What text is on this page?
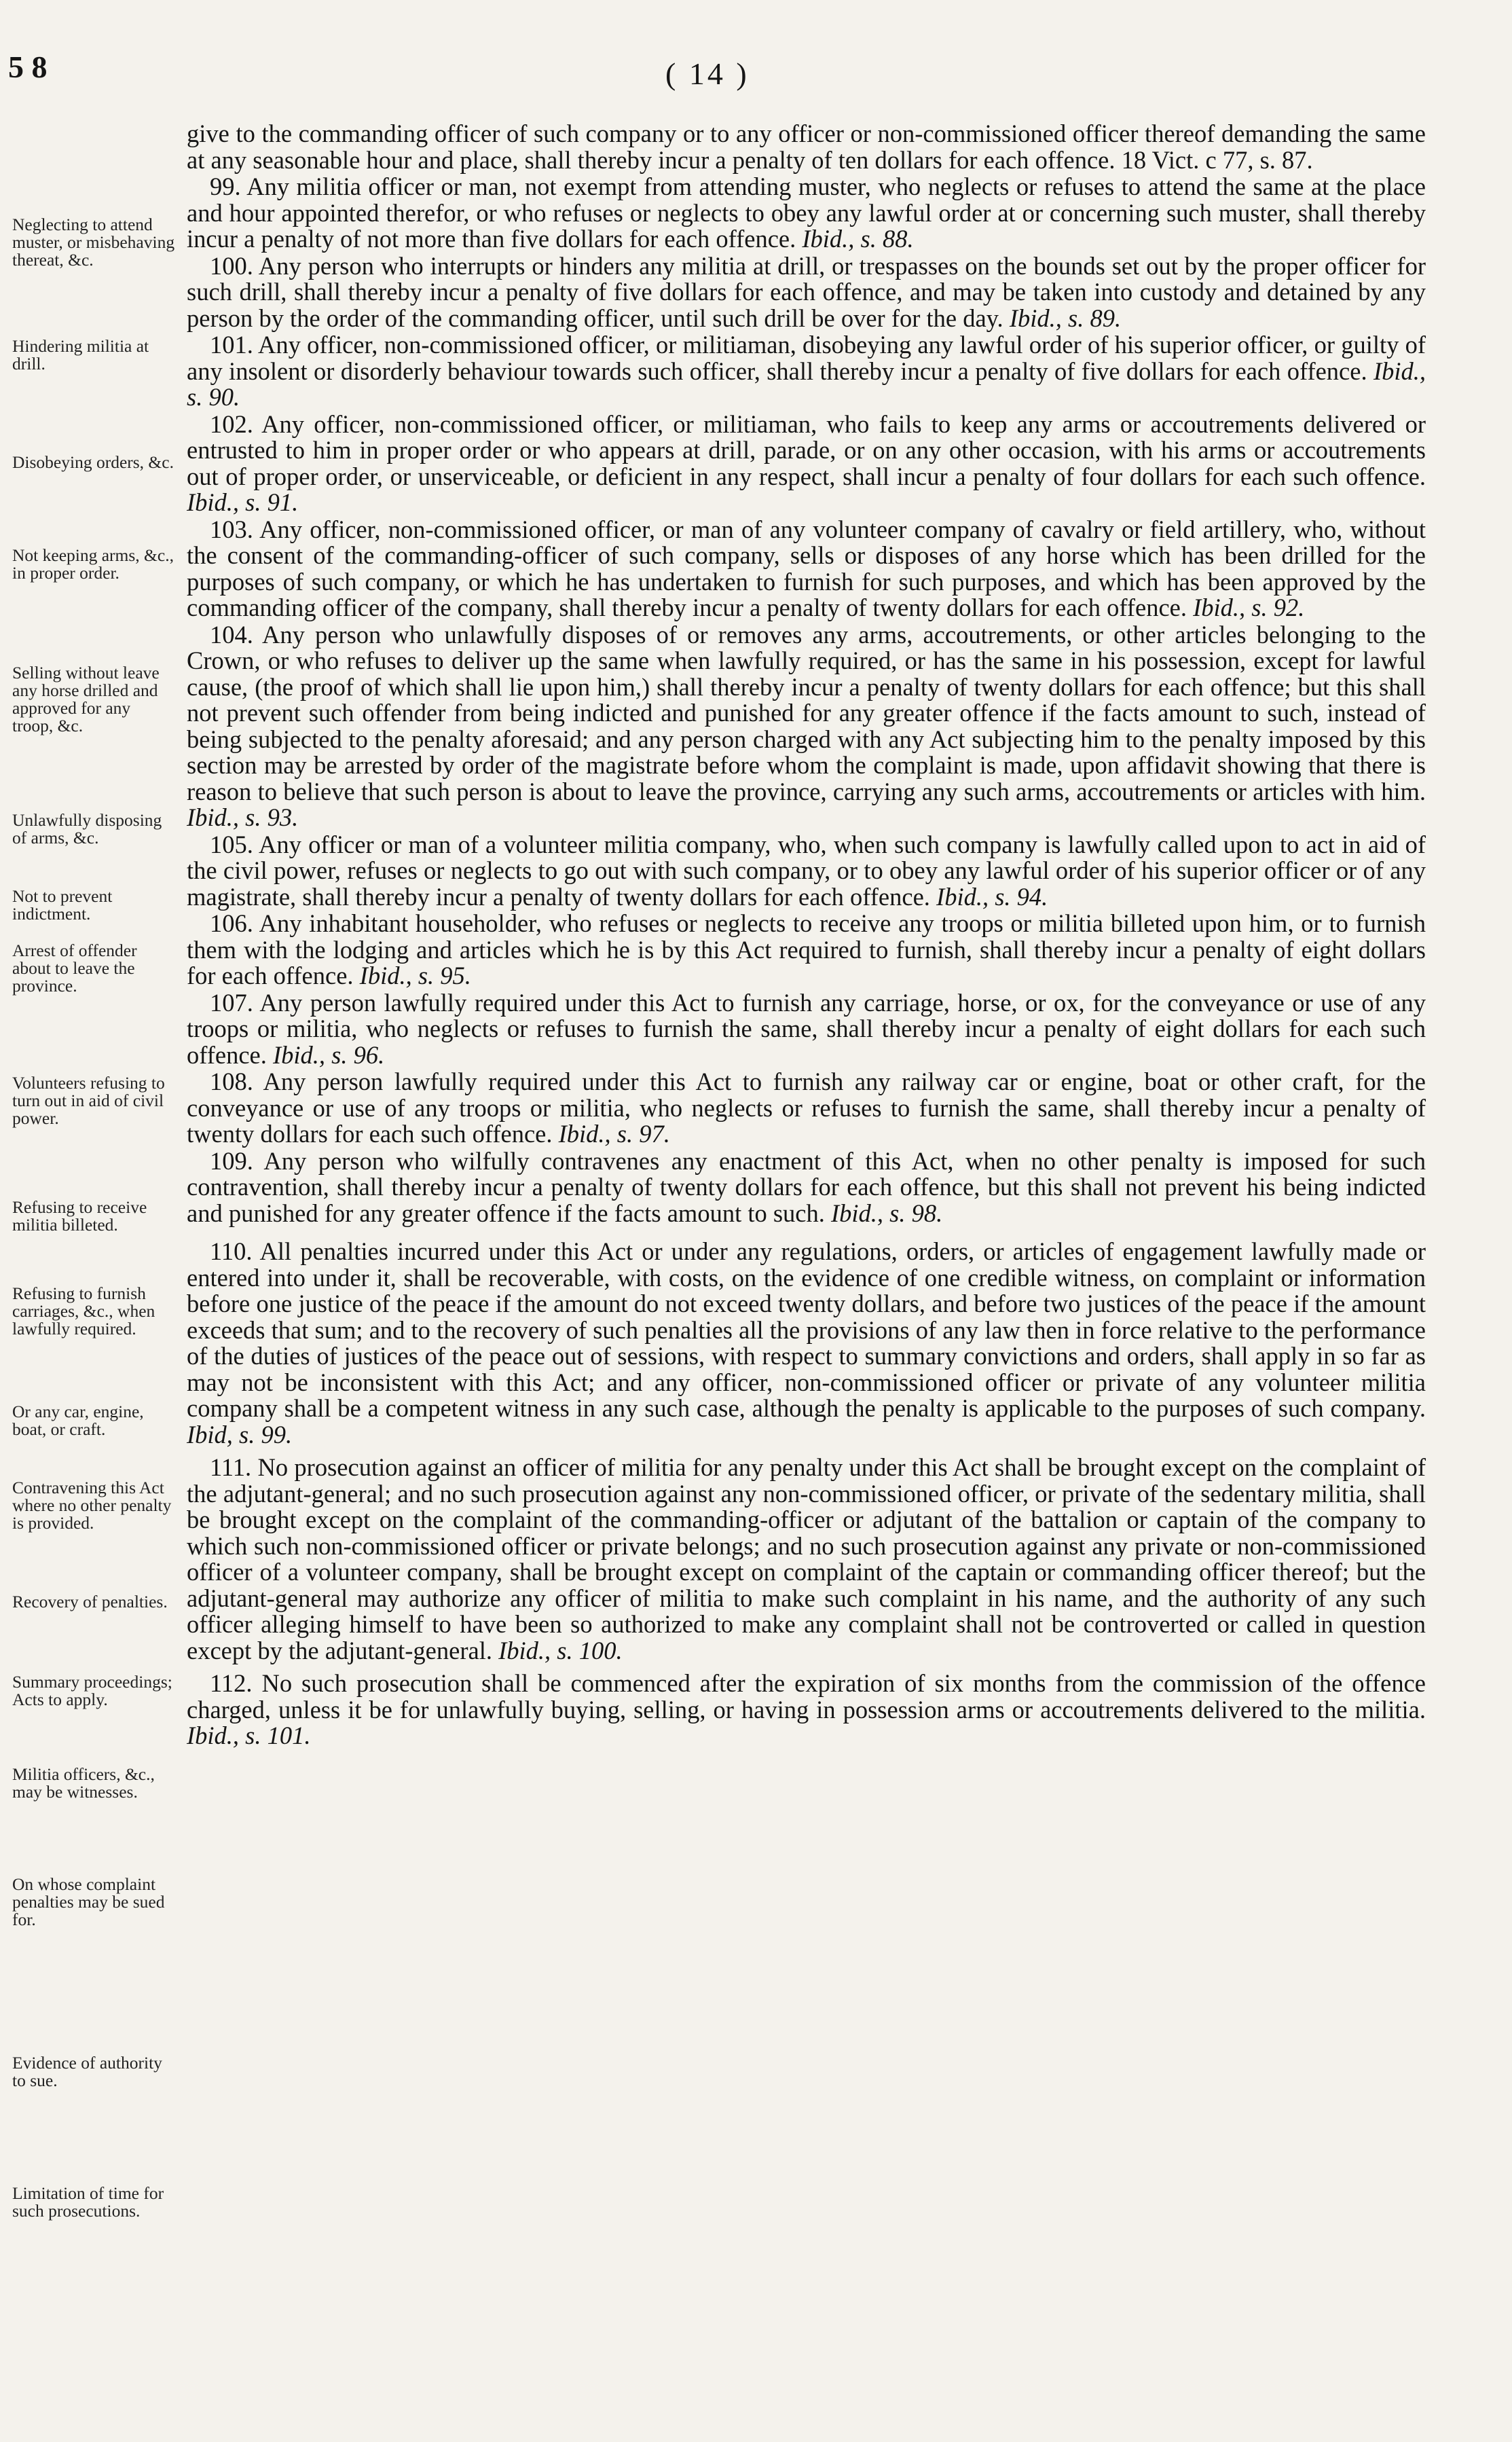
5 8	( 14 )

give to the commanding officer of such company or to any officer or non-commissioned officer thereof demanding the same at any seasonable hour and place, shall thereby incur a penalty of ten dollars for each offence. 18 Vict. c 77, s. 87.

99. Any militia officer or man, not exempt from attending muster, who neglects or refuses to attend the same at the place and hour appointed therefor, or who refuses or neglects to obey any lawful order at or concerning such muster, shall thereby incur a penalty of not more than five dollars for each offence. Ibid., s. 88.

100. Any person who interrupts or hinders any militia at drill, or trespasses on the bounds set out by the proper officer for such drill, shall thereby incur a penalty of five dollars for each offence, and may be taken into custody and detained by any person by the order of the commanding officer, until such drill be over for the day. Ibid., s. 89.

101. Any officer, non-commissioned officer, or militiaman, disobeying any lawful order of his superior officer, or guilty of any insolent or disorderly behaviour towards such officer, shall thereby incur a penalty of five dollars for each offence. Ibid., s. 90.

102. Any officer, non-commissioned officer, or militiaman, who fails to keep any arms or accoutrements delivered or entrusted to him in proper order or who appears at drill, parade, or on any other occasion, with his arms or accoutrements out of proper order, or unserviceable, or deficient in any respect, shall incur a penalty of four dollars for each such offence. Ibid., s. 91.

103. Any officer, non-commissioned officer, or man of any volunteer company of cavalry or field artillery, who, without the consent of the commanding-officer of such company, sells or disposes of any horse which has been drilled for the purposes of such company, or which he has undertaken to furnish for such purposes, and which has been approved by the commanding officer of the company, shall thereby incur a penalty of twenty dollars for each offence. Ibid., s. 92.

104. Any person who unlawfully disposes of or removes any arms, accoutrements, or other articles belonging to the Crown, or who refuses to deliver up the same when lawfully required, or has the same in his possession, except for lawful cause, (the proof of which shall lie upon him,) shall thereby incur a penalty of twenty dollars for each offence; but this shall not prevent such offender from being indicted and punished for any greater offence if the facts amount to such, instead of being subjected to the penalty aforesaid; and any person charged with any Act subjecting him to the penalty imposed by this section may be arrested by order of the magistrate before whom the complaint is made, upon affidavit showing that there is reason to believe that such person is about to leave the province, carrying any such arms, accoutrements or articles with him. Ibid., s. 93.

105. Any officer or man of a volunteer militia company, who, when such company is lawfully called upon to act in aid of the civil power, refuses or neglects to go out with such company, or to obey any lawful order of his superior officer or of any magistrate, shall thereby incur a penalty of twenty dollars for each offence. Ibid., s. 94.

106. Any inhabitant householder, who refuses or neglects to receive any troops or militia billeted upon him, or to furnish them with the lodging and articles which he is by this Act required to furnish, shall thereby incur a penalty of eight dollars for each offence. Ibid., s. 95.

107. Any person lawfully required under this Act to furnish any carriage, horse, or ox, for the conveyance or use of any troops or militia, who neglects or refuses to furnish the same, shall thereby incur a penalty of eight dollars for each such offence. Ibid., s. 96.

108. Any person lawfully required under this Act to furnish any railway car or engine, boat or other craft, for the conveyance or use of any troops or militia, who neglects or refuses to furnish the same, shall thereby incur a penalty of twenty dollars for each such offence. Ibid., s. 97.

109. Any person who wilfully contravenes any enactment of this Act, when no other penalty is imposed for such contravention, shall thereby incur a penalty of twenty dollars for each offence, but this shall not prevent his being indicted and punished for any greater offence if the facts amount to such. Ibid., s. 98.

110. All penalties incurred under this Act or under any regulations, orders, or articles of engagement lawfully made or entered into under it, shall be recoverable, with costs, on the evidence of one credible witness, on complaint or information before one justice of the peace if the amount do not exceed twenty dollars, and before two justices of the peace if the amount exceeds that sum; and to the recovery of such penalties all the provisions of any law then in force relative to the performance of the duties of justices of the peace out of sessions, with respect to summary convictions and orders, shall apply in so far as may not be inconsistent with this Act; and any officer, non-commissioned officer or private of any volunteer militia company shall be a competent witness in any such case, although the penalty is applicable to the purposes of such company. Ibid, s. 99.

111. No prosecution against an officer of militia for any penalty under this Act shall be brought except on the complaint of the adjutant-general; and no such prosecution against any non-commissioned officer, or private of the sedentary militia, shall be brought except on the complaint of the commanding-officer or adjutant of the battalion or captain of the company to which such non-commissioned officer or private belongs; and no such prosecution against any private or non-commissioned officer of a volunteer company, shall be brought except on complaint of the captain or commanding officer thereof; but the adjutant-general may authorize any officer of militia to make such complaint in his name, and the authority of any such officer alleging himself to have been so authorized to make any complaint shall not be controverted or called in question except by the adjutant-general. Ibid., s. 100.

112. No such prosecution shall be commenced after the expiration of six months from the commission of the offence charged, unless it be for unlawfully buying, selling, or having in possession arms or accoutrements delivered to the militia. Ibid., s. 101.

Neglecting to attend muster, or misbehaving thereat, &c.
Hindering militia at drill.
Disobeying orders, &c.
Not keeping arms, &c., in proper order.
Selling without leave any horse drilled and approved for any troop, &c.
Unlawfully disposing of arms, &c.
Not to prevent indictment.
Arrest of offender about to leave the province.
Volunteers refusing to turn out in aid of civil power.
Refusing to receive militia billeted.
Refusing to furnish carriages, &c., when lawfully required.
Or any car, engine, boat, or craft.
Contravening this Act where no other penalty is provided.
Recovery of penalties.
Summary proceedings; Acts to apply.
Militia officers, &c., may be witnesses.
On whose complaint penalties may be sued for.
Evidence of authority to sue.
Limitation of time for such prosecutions.
